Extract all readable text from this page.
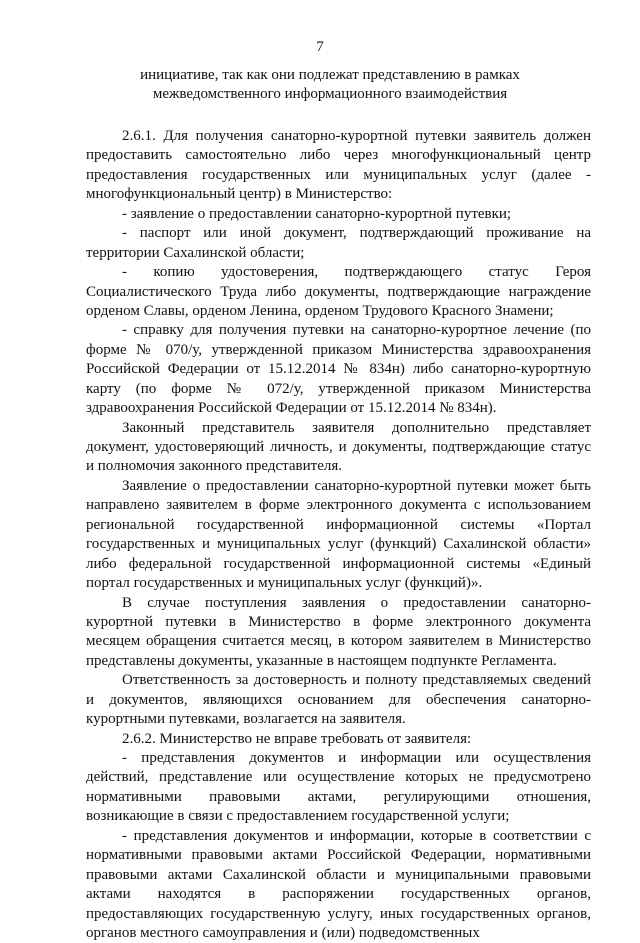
7
инициативе, так как они подлежат представлению в рамках
межведомственного информационного взаимодействия
2.6.1. Для получения санаторно-курортной путевки заявитель должен
предоставить самостоятельно либо через многофункциональный центр
предоставления государственных или муниципальных услуг (далее -
многофункциональный центр) в Министерство:
- заявление о предоставлении санаторно-курортной путевки;
- паспорт или иной документ, подтверждающий проживание на
территории Сахалинской области;
- копию удостоверения, подтверждающего статус Героя
Социалистического Труда либо документы, подтверждающие награждение
орденом Славы, орденом Ленина, орденом Трудового Красного Знамени;
- справку для получения путевки на санаторно-курортное лечение (по
форме № 070/у, утвержденной приказом Министерства здравоохранения
Российской Федерации от 15.12.2014 № 834н) либо санаторно-курортную
карту (по форме № 072/у, утвержденной приказом Министерства
здравоохранения Российской Федерации от 15.12.2014 № 834н).
Законный представитель заявителя дополнительно представляет
документ, удостоверяющий личность, и документы, подтверждающие статус
и полномочия законного представителя.
Заявление о предоставлении санаторно-курортной путевки может быть
направлено заявителем в форме электронного документа с использованием
региональной государственной информационной системы «Портал
государственных и муниципальных услуг (функций) Сахалинской области»
либо федеральной государственной информационной системы «Единый
портал государственных и муниципальных услуг (функций)».
В случае поступления заявления о предоставлении санаторно-
курортной путевки в Министерство в форме электронного документа
месяцем обращения считается месяц, в котором заявителем в Министерство
представлены документы, указанные в настоящем подпункте Регламента.
Ответственность за достоверность и полноту представляемых сведений
и документов, являющихся основанием для обеспечения санаторно-
курортными путевками, возлагается на заявителя.
2.6.2. Министерство не вправе требовать от заявителя:
- представления документов и информации или осуществления
действий, представление или осуществление которых не предусмотрено
нормативными правовыми актами, регулирующими отношения,
возникающие в связи с предоставлением государственной услуги;
- представления документов и информации, которые в соответствии с
нормативными правовыми актами Российской Федерации, нормативными
правовыми актами Сахалинской области и муниципальными правовыми
актами находятся в распоряжении государственных органов,
предоставляющих государственную услугу, иных государственных органов,
органов местного самоуправления и (или) подведомственных
